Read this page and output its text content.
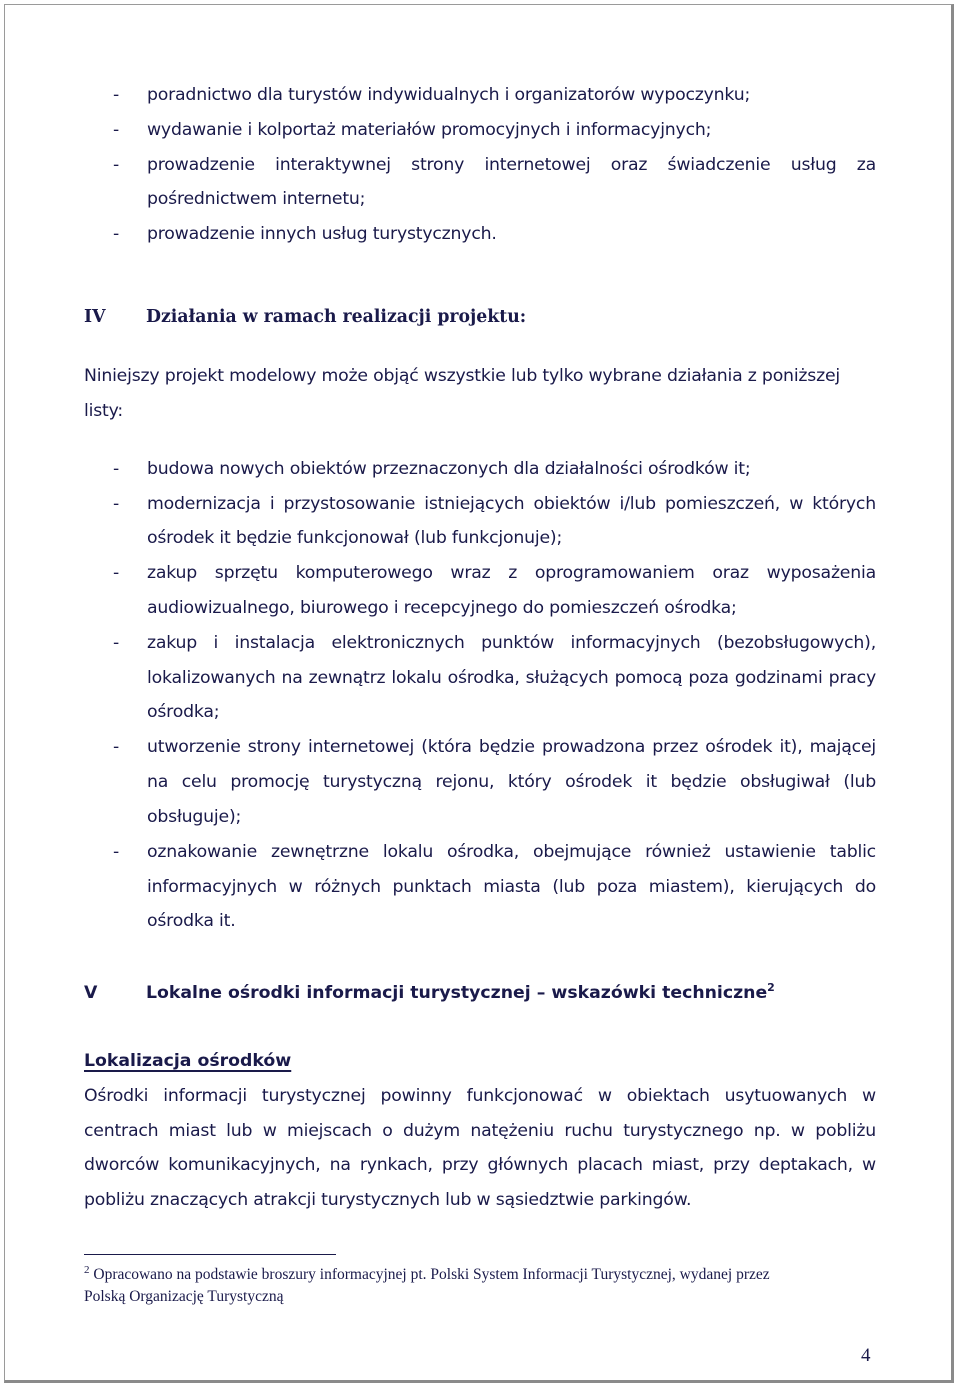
- poradnictwo dla turystów indywidualnych i organizatorów wypoczynku;
- wydawanie i kolportaż materiałów promocyjnych i informacyjnych;
- prowadzenie interaktywnej strony internetowej oraz świadczenie usług za
pośrednictwem internetu;
- prowadzenie innych usług turystycznych.
IV Działania w ramach realizacji projektu:
Niniejszy projekt modelowy może objąć wszystkie lub tylko wybrane działania z poniższej
listy:
- budowa nowych obiektów przeznaczonych dla działalności ośrodków it;
- modernizacja i przystosowanie istniejących obiektów i/lub pomieszczeń, w których
ośrodek it będzie funkcjonował (lub funkcjonuje);
- zakup sprzętu komputerowego wraz z oprogramowaniem oraz wyposażenia
audiowizualnego, biurowego i recepcyjnego do pomieszczeń ośrodka;
- zakup i instalacja elektronicznych punktów informacyjnych (bezobsługowych),
lokalizowanych na zewnątrz lokalu ośrodka, służących pomocą poza godzinami pracy
ośrodka;
- utworzenie strony internetowej (która będzie prowadzona przez ośrodek it), mającej
na celu promocję turystyczną rejonu, który ośrodek it będzie obsługiwał (lub
obsługuje);
- oznakowanie zewnętrzne lokalu ośrodka, obejmujące również ustawienie tablic
informacyjnych w różnych punktach miasta (lub poza miastem), kierujących do
ośrodka it.
V	Lokalne ośrodki informacji turystycznej – wskazówki techniczne$^2$
Lokalizacja ośrodków
Ośrodki informacji turystycznej powinny funkcjonować w obiektach usytuowanych w
centrach miast lub w miejscach o dużym natężeniu ruchu turystycznego np. w pobliżu
dworców komunikacyjnych, na rynkach, przy głównych placach miast, przy deptakach, w
pobliżu znaczących atrakcji turystycznych lub w sąsiedztwie parkingów.
$^2$ Opracowano na podstawie broszury informacyjnej pt. Polski System Informacji Turystycznej, wydanej przez
Polską Organizację Turystyczną
4
